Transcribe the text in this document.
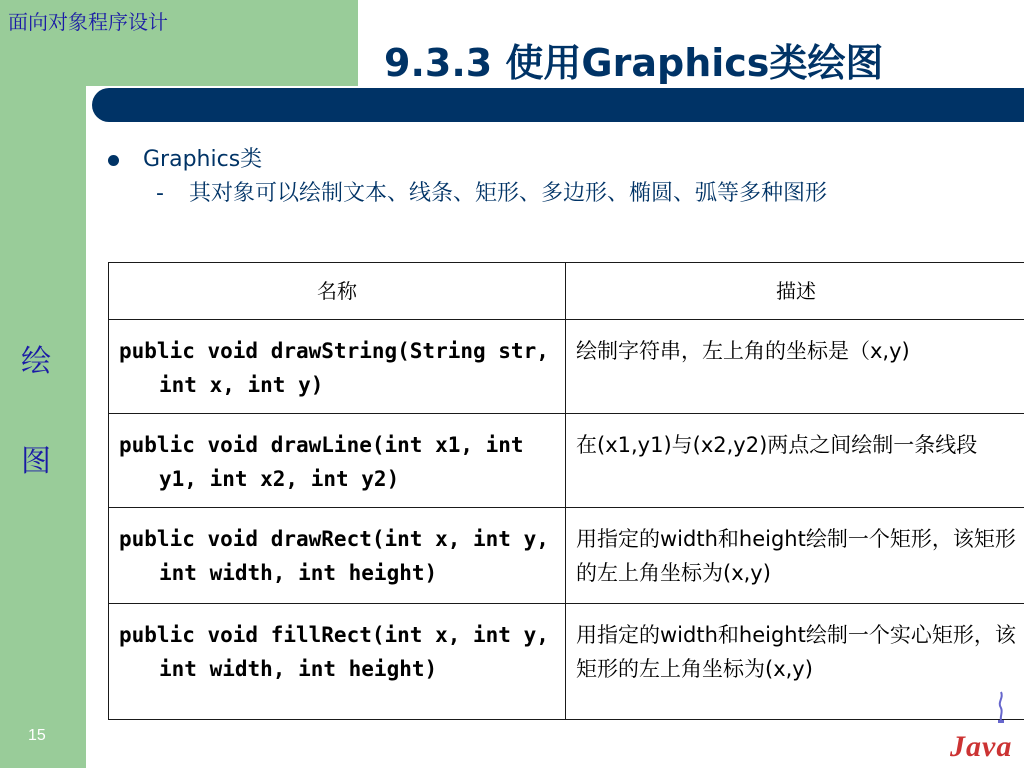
面向对象程序设计
绘
图
15
9.3.3 使用Graphics类绘图
Graphics类
- 其对象可以绘制文本、线条、矩形、多边形、椭圆、弧等多种图形
名称	描述
public void drawString(String str, int x, int y)	绘制字符串，左上角的坐标是（x,y)
public void drawLine(int x1, int y1, int x2, int y2)	在(x1,y1)与(x2,y2)两点之间绘制一条线段
public void drawRect(int x, int y, int width, int height)	用指定的width和height绘制一个矩形，该矩形的左上角坐标为(x,y)
public void fillRect(int x, int y, int width, int height)	用指定的width和height绘制一个实心矩形，该矩形的左上角坐标为(x,y)
Java
